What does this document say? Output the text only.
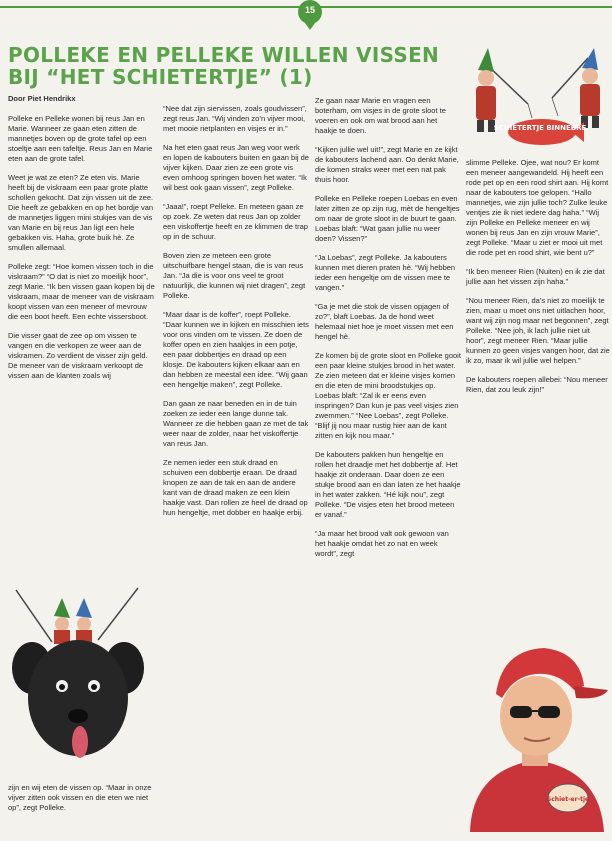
15
POLLEKE EN PELLEKE WILLEN VISSEN BIJ “HET SCHIETERTJE” (1)
Door Piet Hendrikx
SCHIETERTJE BINNEBRE

Polleke en Pelleke wonen bij reus Jan en Marie. Wanneer ze gaan eten zitten de mannetjes boven op de grote tafel op een stoeltje aan een tafeltje. Reus Jan en Marie eten aan de grote tafel.

Weet je wat ze eten? Ze eten vis. Marie heeft bij de viskraam een paar grote platte schollen gekocht. Dat zijn vissen uit de zee. Die heeft ze gebakken en op het bordje van de mannetjes liggen mini stukjes van de vis van Marie en bij reus Jan ligt een hele gebakken vis. Haha, grote buik hè. Ze smullen allemaal.

Polleke zegt: “Hoe komen vissen toch in die viskraam?” “O dat is niet zo moeilijk hoor”, zegt Marie. “Ik ben vissen gaan kopen bij de viskraam, maar de meneer van de viskraam koopt vissen van een meneer of mevrouw die een boot heeft. Een echte vissersboot.

Die visser gaat de zee op om vissen te vangen en die verkopen ze weer aan de viskramen. Zo verdient de visser zijn geld. De meneer van de viskraam verkoopt de vissen aan de klanten zoals wij

zijn en wij eten de vissen op. “Maar in onze vijver zitten ook vissen en die eten we niet op”, zegt Polleke.

“Nee dat zijn siervissen, zoals goudvissen”, zegt reus Jan. “Wij vinden zo’n vijver mooi, met mooie rietplanten en visjes er in.”

Na het eten gaat reus Jan weg voor werk en lopen de kabouters buiten en gaan bij de vijver kijken. Daar zien ze een grote vis even omhoog springen boven het water. “Ik wil best ook gaan vissen”, zegt Polleke.

“Jaaa!”, roept Pelleke. En meteen gaan ze op zoek. Ze weten dat reus Jan op zolder een viskoffertje heeft en ze klimmen de trap op in de schuur.

Boven zien ze meteen een grote uitschuifbare hengel staan, die is van reus Jan. “Ja die is voor ons veel te groot natuurlijk, die kunnen wij niet dragen”, zegt Polleke.

“Maar daar is de koffer”, roept Polleke. “Daar kunnen we in kijken en misschien iets voor ons vinden om te vissen. Ze doen de koffer open en zien haakjes in een potje, een paar dobbertjes en draad op een klosje. De kabouters kijken elkaar aan en dan hebben ze meestal een idee. “Wij gaan een hengeltje maken”, zegt Polleke.

Dan gaan ze naar beneden en in de tuin zoeken ze ieder een lange dunne tak. Wanneer ze die hebben gaan ze met de tak weer naar de zolder, naar het viskoffertje van reus Jan.

Ze nemen ieder een stuk draad en schuiven een dobbertje eraan. De draad knopen ze aan de tak en aan de andere kant van de draad maken ze een klein haakje vast. Dan rollen ze heel de draad op hun hengeltje, met dobber en haakje erbij.

Ze gaan naar Marie en vragen een boterham, om visjes in de grote sloot te voeren en ook om wat brood aan het haakje te doen.

“Kijken jullie wel uit!”, zegt Marie en ze kijkt de kabouters lachend aan. Oo denkt Marie, die komen straks weer met een nat pak thuis hoor.

Polleke en Pelleke roepen Loebas en even later zitten ze op zijn rug, mèt de hengeltjes om naar de grote sloot in de buurt te gaan. Loebas blaft: “Wat gaan jullie nu weer doen? Vissen?”

“Ja Loebas”, zegt Polleke. Ja kabouters kunnen met dieren praten hè. “Wij hebben ieder een hengeltje om de vissen mee te vangen.”

“Ga je met die stok de vissen opjagen of zo?”, blaft Loebas. Ja de hond weet helemaal niet hoe je moet vissen met een hengel hè.

Ze komen bij de grote sloot en Polleke gooit een paar kleine stukjes brood in het water. Ze zien meteen dat er kleine visjes komen en die eten de mini broodstukjes op. Loebas blaft: “Zal ik er eens even inspringen? Dan kun je pas veel visjes zien zwemmen.” “Nee Loebas”, zegt Polleke. “Blijf jij nou maar rustig hier aan de kant zitten en kijk nou maar.”

De kabouters pakken hun hengeltje en rollen het draadje met het dobbertje af. Het haakje zit onderaan. Daar doen ze een stukje brood aan en dan laten ze het haakje in het water zakken. “Hé kijk nou”, zegt Polleke. “De visjes eten het brood meteen er vanaf.”

“Ja maar het brood valt ook gewoon van het haakje omdat het zo nat en week wordt”, zegt

slimme Pelleke. Ojee, wat nou? Er komt een meneer aangewandeld. Hij heeft een rode pet op en een rood shirt aan. Hij komt naar de kabouters toe gelopen. “Hallo mannetjes, wie zijn jullie toch? Zulke leuke ventjes zie ik niet iedere dag haha.” “Wij zijn Polleke en Pelleke meneer en wij wonen bij reus Jan en zijn vrouw Marie”, zegt Polleke. “Maar u ziet er mooi uit met die rode pet en rood shirt, wie bent u?”

“Ik ben meneer Rien (Nuiten) en ik zie dat jullie aan het vissen zijn haha.”

“Nou meneer Rien, da’s niet zo moeilijk te zien, maar u moet ons niet uitlachen hoor, want wij zijn nog maar net begonnen”, zegt Polleke. “Nee joh, ik lach jullie niet uit hoor”, zegt meneer Rien. “Maar jullie kunnen zo geen visjes vangen hoor, dat zie ik zo, maar ik wil jullie wel helpen.”

De kabouters roepen allebei: “Nou meneer Rien, dat zou leuk zijn!”

Schiet-er-tje
